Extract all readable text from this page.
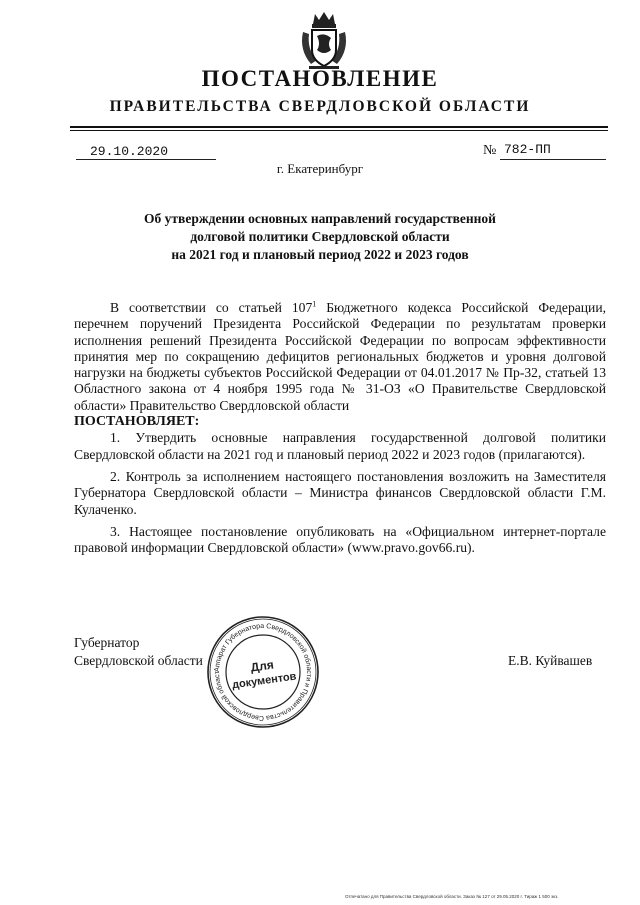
ПОСТАНОВЛЕНИЕ
ПРАВИТЕЛЬСТВА СВЕРДЛОВСКОЙ ОБЛАСТИ
29.10.2020	№ 782-ПП
г. Екатеринбург
Об утверждении основных направлений государственной
долговой политики Свердловской области
на 2021 год и плановый период 2022 и 2023 годов

В соответствии со статьей $107^1$ Бюджетного кодекса Российской Федерации, перечнем поручений Президента Российской Федерации по результатам проверки исполнения решений Президента Российской Федерации по вопросам эффективности принятия мер по сокращению дефицитов региональных бюджетов и уровня долговой нагрузки на бюджеты субъектов Российской Федерации от 04.01.2017 № Пр-32, статьей 13 Областного закона от 4 ноября 1995 года № 31-ОЗ «О Правительстве Свердловской области» Правительство Свердловской области

ПОСТАНОВЛЯЕТ:

1. Утвердить основные направления государственной долговой политики Свердловской области на 2021 год и плановый период 2022 и 2023 годов (прилагаются).

2. Контроль за исполнением настоящего постановления возложить на Заместителя Губернатора Свердловской области – Министра финансов Свердловской области Г.М. Кулаченко.

3. Настоящее постановление опубликовать на «Официальном интернет-портале правовой информации Свердловской области» (www.pravo.gov66.ru).

Губернатор
Свердловской области	Е.В. Куйвашев
Аппарат Губернатора Свердловской области и Правительства Свердловской област	Для
документов
Отпечатано для Правительства Свердловской области. Заказ № 127 от 29.05.2020 г. Тираж 1 500 экз.
